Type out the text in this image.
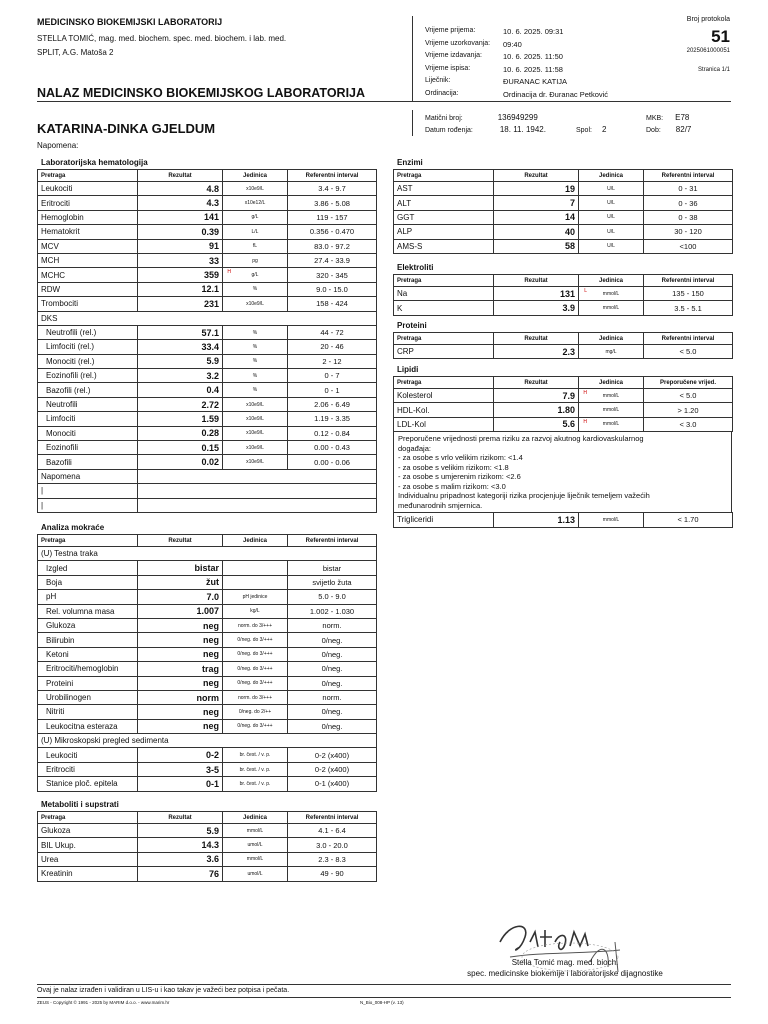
MEDICINSKO BIOKEMIJSKI LABORATORIJ
STELLA TOMIĆ, mag. med. biochem. spec. med. biochem. i lab. med.
SPLIT, A.G. Matoša 2
NALAZ MEDICINSKO BIOKEMIJSKOG LABORATORIJA
KATARINA-DINKA GJELDUM
Napomena:
Vrijeme prijema:	10. 6. 2025. 09:31
Vrijeme uzorkovanja:	09:40
Vrijeme izdavanja:	10. 6. 2025. 11:50
Vrijeme ispisa:	10. 6. 2025. 11:58
Liječnik:	ĐURANAC KATIJA
Ordinacija:	Ordinacija dr. Đuranac Petković
Broj protokola
51
2025061000051
Stranica 1/1
Matični broj:	136949299
Datum rođenja:	18. 11. 1942.	Spol: 2
MKB: E78
Dob: 82/7
Laboratorijska hematologija
Pretraga	Rezultat	Jedinica	Referentni interval
Leukociti	4.8	x10e9/L	3.4 - 9.7
Eritrociti	4.3	x10e12/L	3.86 - 5.08
Hemoglobin	141	g/L	119 - 157
Hematokrit	0.39	L/L	0.356 - 0.470
MCV	91	fL	83.0 - 97.2
MCH	33	pg	27.4 - 33.9
MCHC	359 H	g/L	320 - 345
RDW	12.1	%	9.0 - 15.0
Trombociti	231	x10e9/L	158 - 424
DKS			
Neutrofili (rel.)	57.1	%	44 - 72
Limfociti (rel.)	33.4	%	20 - 46
Monociti (rel.)	5.9	%	2 - 12
Eozinofili (rel.)	3.2	%	0 - 7
Bazofili (rel.)	0.4	%	0 - 1
Neutrofili	2.72	x10e9/L	2.06 - 6.49
Limfociti	1.59	x10e9/L	1.19 - 3.35
Monociti	0.28	x10e9/L	0.12 - 0.84
Eozinofili	0.15	x10e9/L	0.00 - 0.43
Bazofili	0.02	x10e9/L	0.00 - 0.06
Napomena			
|			
|			
Analiza mokraće
Pretraga	Rezultat	Jedinica	Referentni interval
(U) Testna traka			
Izgled	bistar		bistar
Boja	žut		svijetlo žuta
pH	7.0	pH jedinice	5.0 - 9.0
Rel. volumna masa	1.007	kg/L	1.002 - 1.030
Glukoza	neg	norm. do 3/+++	norm.
Bilirubin	neg	0/neg. do 3/+++	0/neg.
Ketoni	neg	0/neg. do 3/+++	0/neg.
Eritrociti/hemoglobin	trag	0/neg. do 3/+++	0/neg.
Proteini	neg	0/neg. do 3/+++	0/neg.
Urobilinogen	norm	norm. do 3/+++	norm.
Nitriti	neg	0/neg. do 2/++	0/neg.
Leukocitna esteraza	neg	0/neg. do 3/+++	0/neg.
(U) Mikroskopski pregled sedimenta			
Leukociti	0-2	br. čest. / v. p.	0-2 (x400)
Eritrociti	3-5	br. čest. / v. p.	0-2 (x400)
Stanice ploč. epitela	0-1	br. čest. / v. p.	0-1 (x400)
Metaboliti i supstrati
Pretraga	Rezultat	Jedinica	Referentni interval
Glukoza	5.9	mmol/L	4.1 - 6.4
BIL Ukup.	14.3	umol/L	3.0 - 20.0
Urea	3.6	mmol/L	2.3 - 8.3
Kreatinin	76	umol/L	49 - 90
Enzimi
Pretraga	Rezultat	Jedinica	Referentni interval
AST	19	U/L	0 - 31
ALT	7	U/L	0 - 36
GGT	14	U/L	0 - 38
ALP	40	U/L	30 - 120
AMS-S	58	U/L	<100
Elektroliti
Pretraga	Rezultat	Jedinica	Referentni interval
Na	131 L	mmol/L	135 - 150
K	3.9	mmol/L	3.5 - 5.1
Proteini
Pretraga	Rezultat	Jedinica	Referentni interval
CRP	2.3	mg/L	< 5.0
Lipidi
Pretraga	Rezultat	Jedinica	Preporučene vrijed.
Kolesterol	7.9 H	mmol/L	< 5.0
HDL-Kol.	1.80	mmol/L	> 1.20
LDL-Kol	5.6 H	mmol/L	< 3.0
Preporučene vrijednosti prema riziku za razvoj akutnog kardiovaskularnog
događaja:
- za osobe s vrlo velikim rizikom: <1.4
- za osobe s velikim rizikom: <1.8
- za osobe s umjerenim rizikom: <2.6
- za osobe s malim rizikom: <3.0
Individualnu pripadnost kategoriji rizika procjenjuje liječnik temeljem važećih
međunarodnih smjernica.
Trigliceridi	1.13	mmol/L	< 1.70
Stella Tomić mag. med. bioch.
spec. medicinske biokemije i laboratorijske dijagnostike
Ovaj je nalaz izrađen i validiran u LIS-u i kao takav je važeći bez potpisa i pečata.
ZEUS - Copyright © 1991 - 2025 by MARIM d.o.o. - www.marim.hr	N_Bio_008-HP (v. 13)
